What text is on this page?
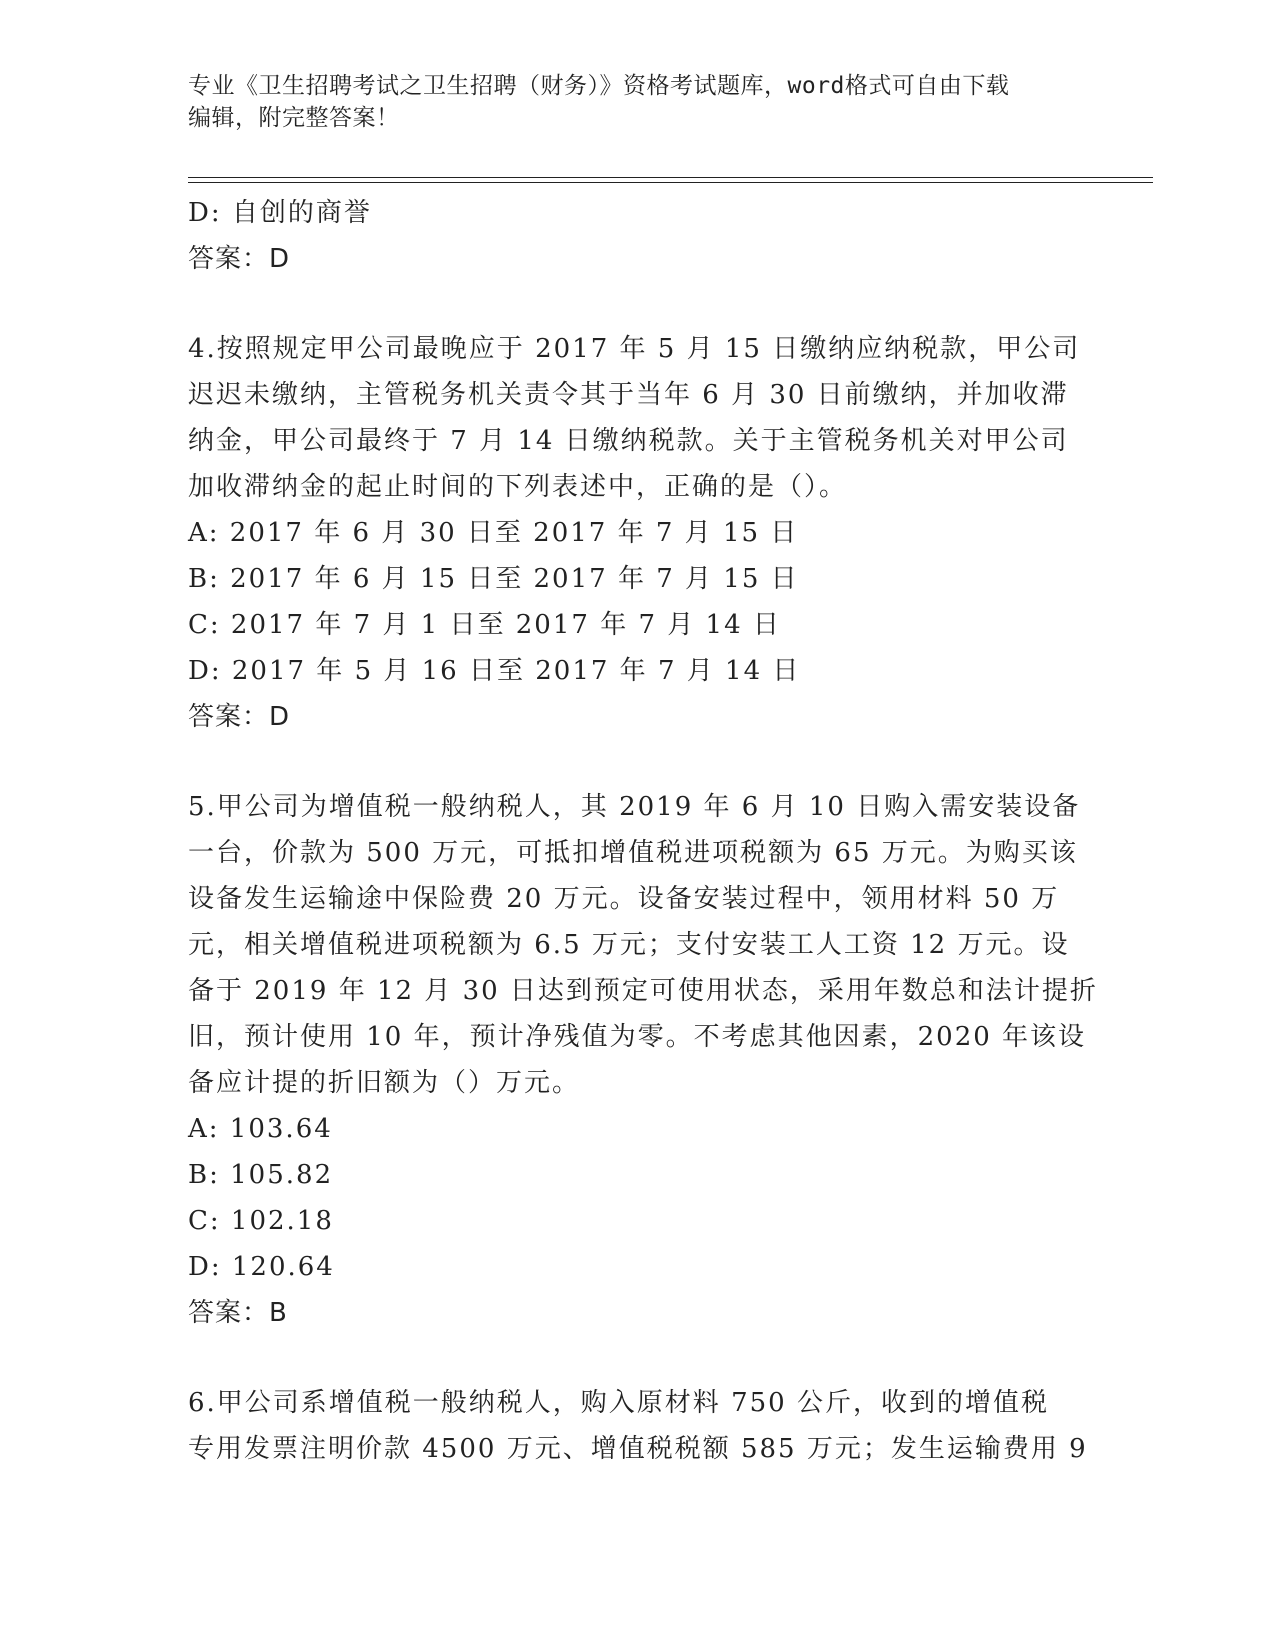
专业《卫生招聘考试之卫生招聘（财务）》资格考试题库，word格式可自由下载
编辑，附完整答案！
D: 自创的商誉
答案：D
4.按照规定甲公司最晚应于 2017 年 5 月 15 日缴纳应纳税款，甲公司
迟迟未缴纳，主管税务机关责令其于当年 6 月 30 日前缴纳，并加收滞
纳金，甲公司最终于 7 月 14 日缴纳税款。关于主管税务机关对甲公司
加收滞纳金的起止时间的下列表述中，正确的是（）。
A: 2017 年 6 月 30 日至 2017 年 7 月 15 日
B: 2017 年 6 月 15 日至 2017 年 7 月 15 日
C: 2017 年 7 月 1 日至 2017 年 7 月 14 日
D: 2017 年 5 月 16 日至 2017 年 7 月 14 日
答案：D
5.甲公司为增值税一般纳税人，其 2019 年 6 月 10 日购入需安装设备
一台，价款为 500 万元，可抵扣增值税进项税额为 65 万元。为购买该
设备发生运输途中保险费 20 万元。设备安装过程中，领用材料 50 万
元，相关增值税进项税额为 6.5 万元；支付安装工人工资 12 万元。设
备于 2019 年 12 月 30 日达到预定可使用状态，采用年数总和法计提折
旧，预计使用 10 年，预计净残值为零。不考虑其他因素，2020 年该设
备应计提的折旧额为（）万元。
A: 103.64
B: 105.82
C: 102.18
D: 120.64
答案：B
6.甲公司系增值税一般纳税人，购入原材料 750 公斤，收到的增值税
专用发票注明价款 4500 万元、增值税税额 585 万元；发生运输费用 9
